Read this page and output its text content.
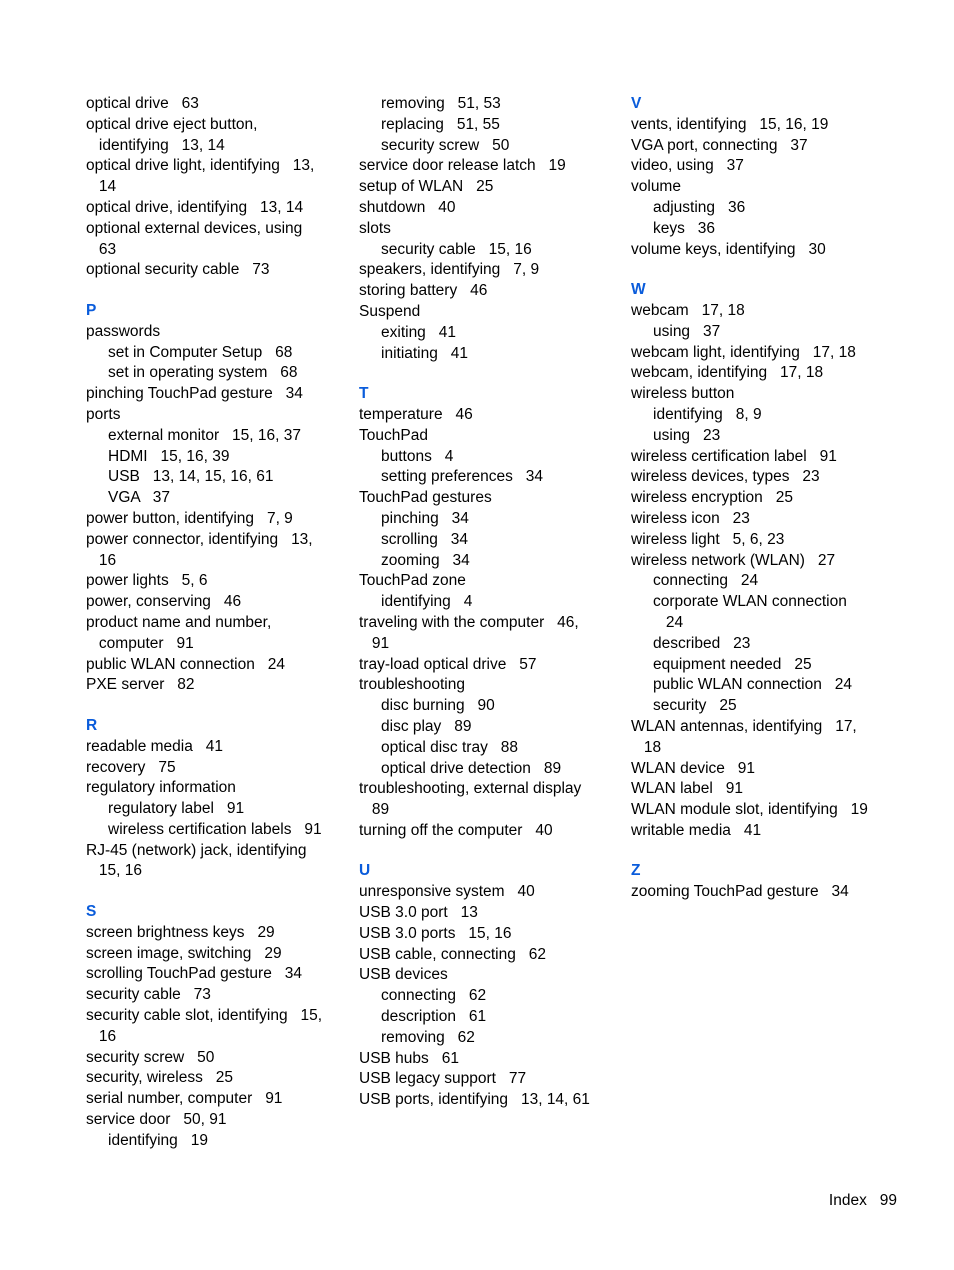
optical drive   63
optical drive eject button,
identifying   13, 14
optical drive light, identifying   13,
14
optical drive, identifying   13, 14
optional external devices, using
63
optional security cable   73
P
passwords
set in Computer Setup   68
set in operating system   68
pinching TouchPad gesture   34
ports
external monitor   15, 16, 37
HDMI   15, 16, 39
USB   13, 14, 15, 16, 61
VGA   37
power button, identifying   7, 9
power connector, identifying   13,
16
power lights   5, 6
power, conserving   46
product name and number,
computer   91
public WLAN connection   24
PXE server   82
R
readable media   41
recovery   75
regulatory information
regulatory label   91
wireless certification labels   91
RJ-45 (network) jack, identifying
15, 16
S
screen brightness keys   29
screen image, switching   29
scrolling TouchPad gesture   34
security cable   73
security cable slot, identifying   15,
16
security screw   50
security, wireless   25
serial number, computer   91
service door   50, 91
identifying   19
removing   51, 53
replacing   51, 55
security screw   50
service door release latch   19
setup of WLAN   25
shutdown   40
slots
security cable   15, 16
speakers, identifying   7, 9
storing battery   46
Suspend
exiting   41
initiating   41
T
temperature   46
TouchPad
buttons   4
setting preferences   34
TouchPad gestures
pinching   34
scrolling   34
zooming   34
TouchPad zone
identifying   4
traveling with the computer   46,
91
tray-load optical drive   57
troubleshooting
disc burning   90
disc play   89
optical disc tray   88
optical drive detection   89
troubleshooting, external display
89
turning off the computer   40
U
unresponsive system   40
USB 3.0 port   13
USB 3.0 ports   15, 16
USB cable, connecting   62
USB devices
connecting   62
description   61
removing   62
USB hubs   61
USB legacy support   77
USB ports, identifying   13, 14, 61
V
vents, identifying   15, 16, 19
VGA port, connecting   37
video, using   37
volume
adjusting   36
keys   36
volume keys, identifying   30
W
webcam   17, 18
using   37
webcam light, identifying   17, 18
webcam, identifying   17, 18
wireless button
identifying   8, 9
using   23
wireless certification label   91
wireless devices, types   23
wireless encryption   25
wireless icon   23
wireless light   5, 6, 23
wireless network (WLAN)   27
connecting   24
corporate WLAN connection
24
described   23
equipment needed   25
public WLAN connection   24
security   25
WLAN antennas, identifying   17,
18
WLAN device   91
WLAN label   91
WLAN module slot, identifying   19
writable media   41
Z
zooming TouchPad gesture   34
Index   99
